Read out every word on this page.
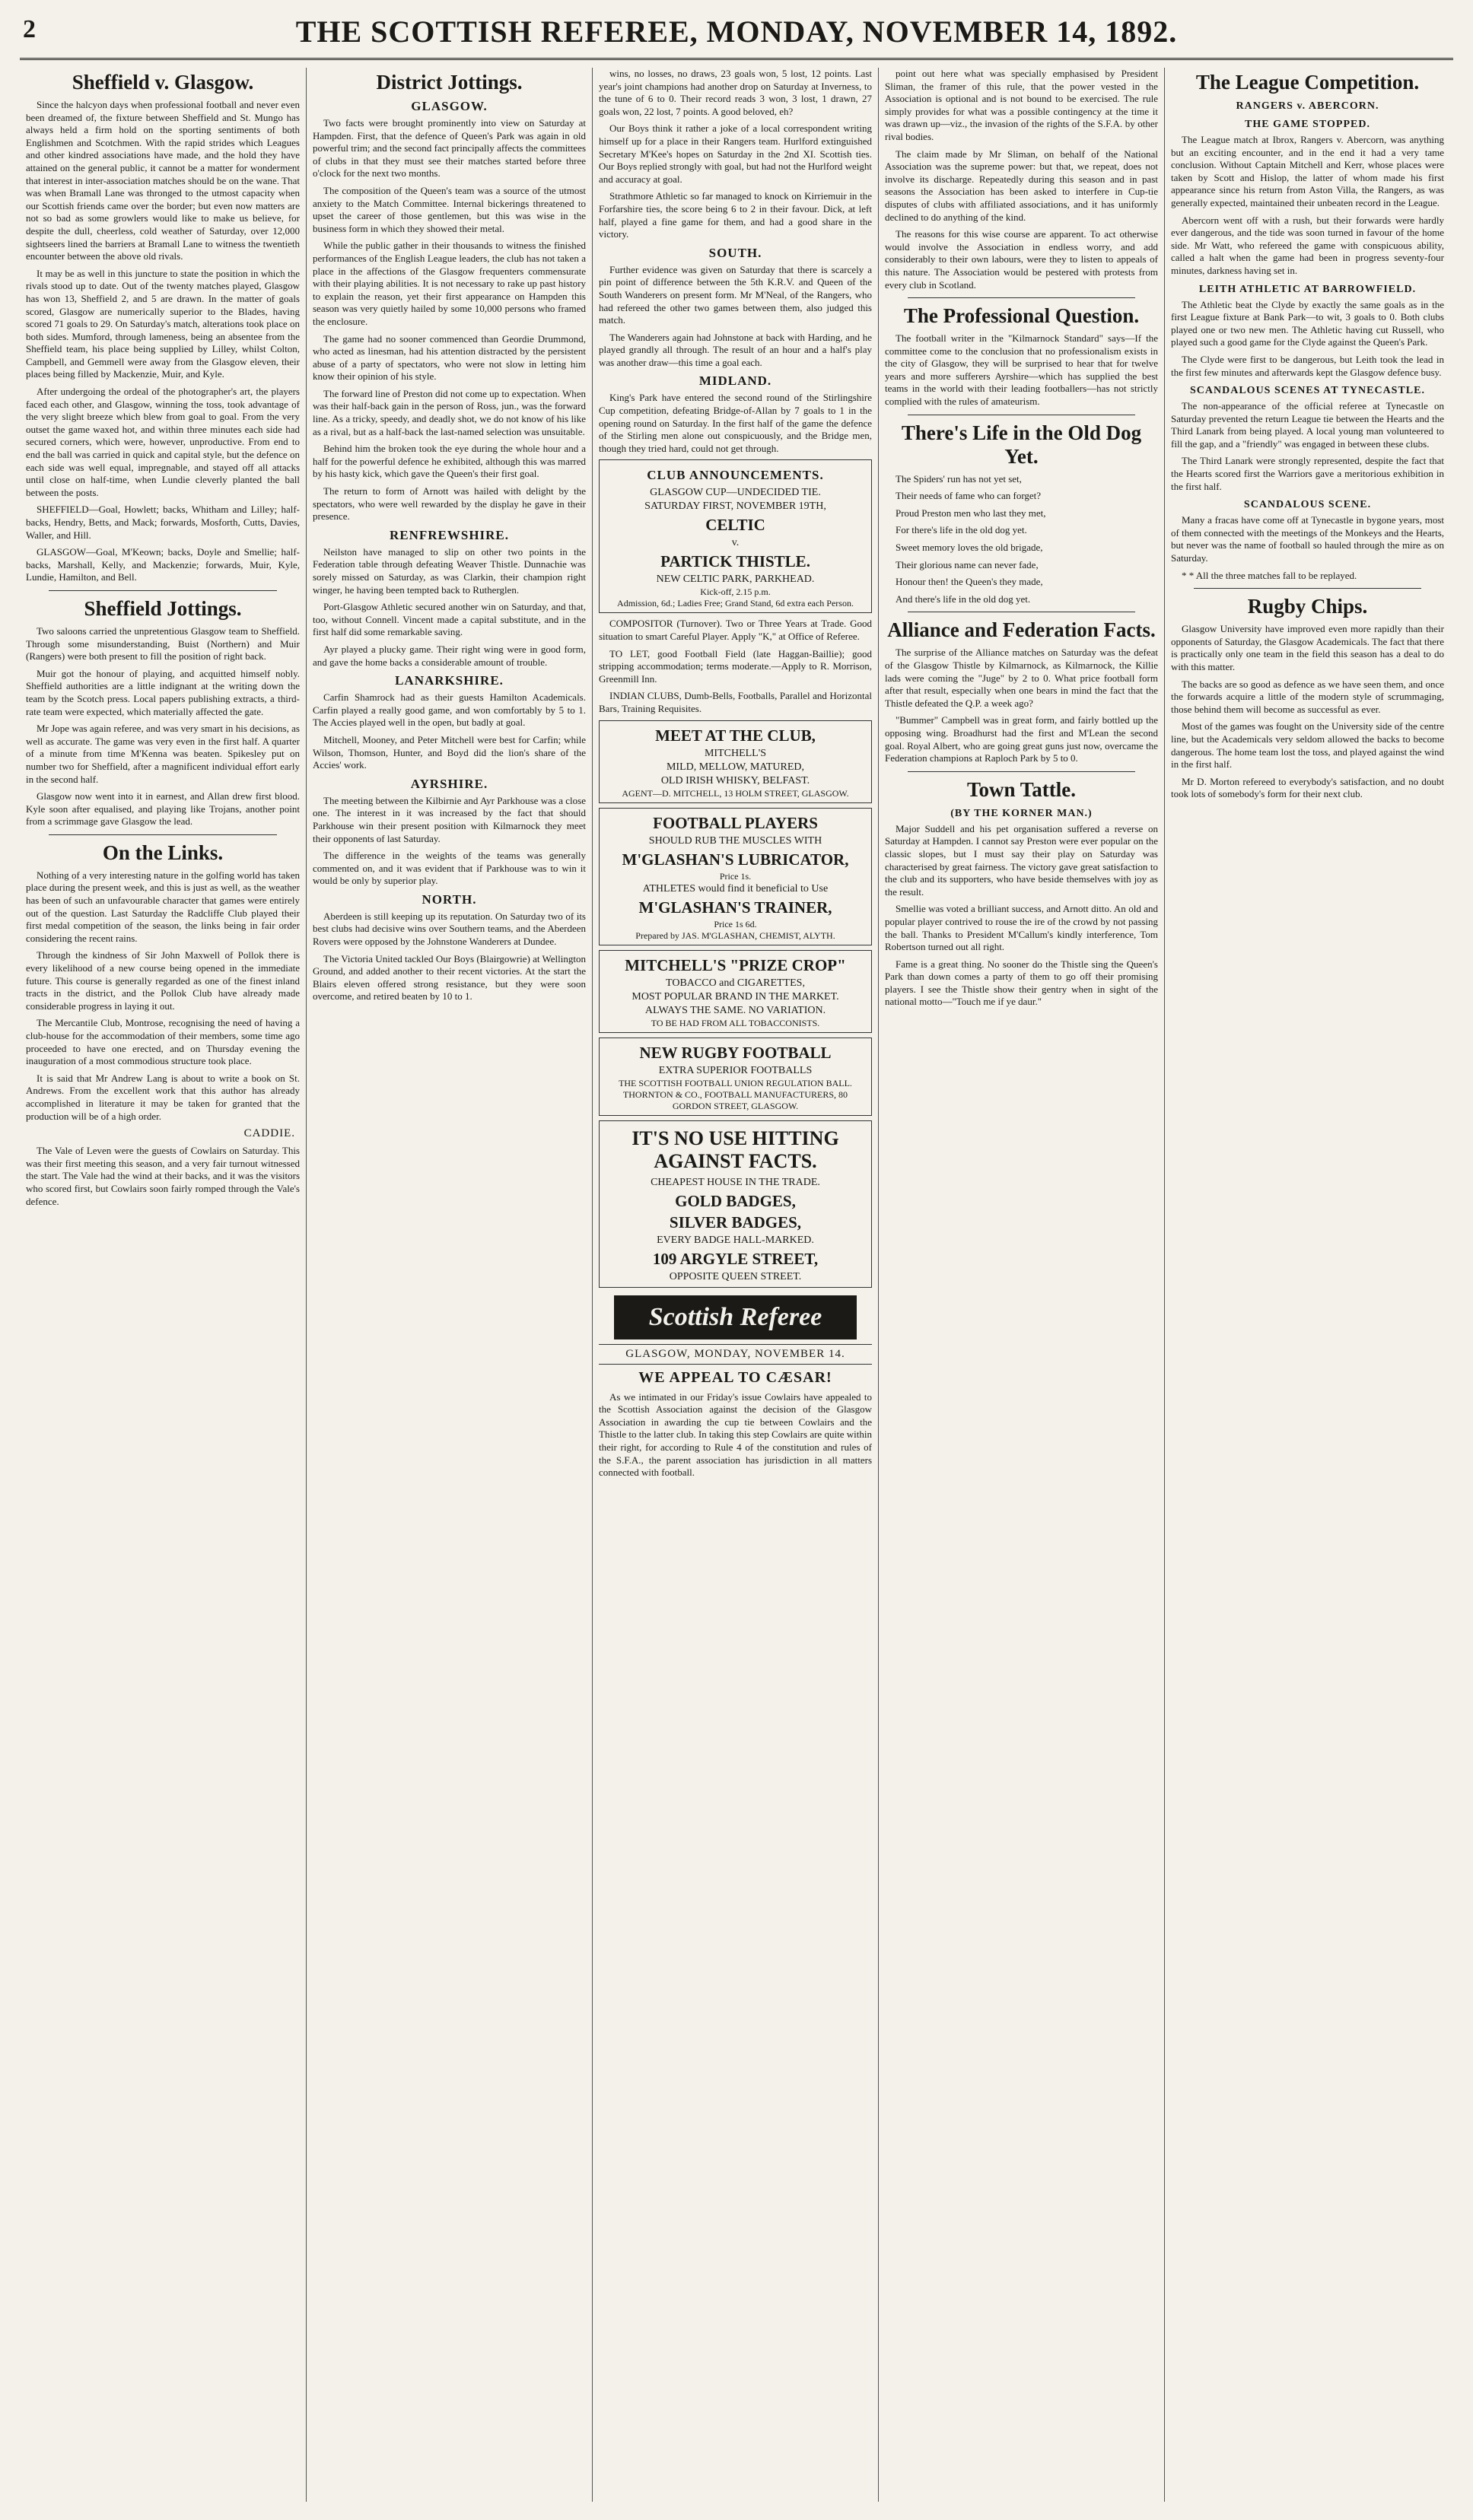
2	THE SCOTTISH REFEREE, MONDAY, NOVEMBER 14, 1892.
Sheffield v. Glasgow.

Since the halcyon days when professional football and never even been dreamed of, the fixture between Sheffield and St. Mungo has always held a firm hold on the sporting sentiments of both Englishmen and Scotchmen. With the rapid strides which Leagues and other kindred associations have made, and the hold they have attained on the general public, it cannot be a matter for wonderment that interest in inter-association matches should be on the wane. That was when Bramall Lane was thronged to the utmost capacity when our Scottish friends came over the border; but even now matters are not so bad as some growlers would like to make us believe, for despite the dull, cheerless, cold weather of Saturday, over 12,000 sightseers lined the barriers at Bramall Lane to witness the twentieth encounter between the above old rivals.

It may be as well in this juncture to state the position in which the rivals stood up to date. Out of the twenty matches played, Glasgow has won 13, Sheffield 2, and 5 are drawn. In the matter of goals scored, Glasgow are numerically superior to the Blades, having scored 71 goals to 29. On Saturday's match, alterations took place on both sides. Mumford, through lameness, being an absentee from the Sheffield team, his place being supplied by Lilley, whilst Colton, Campbell, and Gemmell were away from the Glasgow eleven, their places being filled by Mackenzie, Muir, and Kyle.

After undergoing the ordeal of the photographer's art, the players faced each other, and Glasgow, winning the toss, took advantage of the very slight breeze which blew from goal to goal. From the very outset the game waxed hot, and within three minutes each side had secured corners, which were, however, unproductive. From end to end the ball was carried in quick and capital style, but the defence on each side was well equal, impregnable, and stayed off all attacks until close on half-time, when Lundie cleverly planted the ball between the posts.

SHEFFIELD—Goal, Howlett; backs, Whitham and Lilley; half-backs, Hendry, Betts, and Mack; forwards, Mosforth, Cutts, Davies, Waller, and Hill.

GLASGOW—Goal, M'Keown; backs, Doyle and Smellie; half-backs, Marshall, Kelly, and Mackenzie; forwards, Muir, Kyle, Lundie, Hamilton, and Bell.

Sheffield Jottings.

Two saloons carried the unpretentious Glasgow team to Sheffield. Through some misunderstanding, Buist (Northern) and Muir (Rangers) were both present to fill the position of right back.

Muir got the honour of playing, and acquitted himself nobly. Sheffield authorities are a little indignant at the writing down the team by the Scotch press. Local papers publishing extracts, a third-rate team were expected, which materially affected the gate.

Mr Jope was again referee, and was very smart in his decisions, as well as accurate. The game was very even in the first half. A quarter of a minute from time M'Kenna was beaten. Spikesley put on number two for Sheffield, after a magnificent individual effort early in the second half.

Glasgow now went into it in earnest, and Allan drew first blood. Kyle soon after equalised, and playing like Trojans, another point from a scrimmage gave Glasgow the lead.

On the Links.

Nothing of a very interesting nature in the golfing world has taken place during the present week, and this is just as well, as the weather has been of such an unfavourable character that games were entirely out of the question. Last Saturday the Radcliffe Club played their first medal competition of the season, the links being in fair order considering the recent rains.

Through the kindness of Sir John Maxwell of Pollok there is every likelihood of a new course being opened in the immediate future. This course is generally regarded as one of the finest inland tracts in the district, and the Pollok Club have already made considerable progress in laying it out.

The Mercantile Club, Montrose, recognising the need of having a club-house for the accommodation of their members, some time ago proceeded to have one erected, and on Thursday evening the inauguration of a most commodious structure took place.

It is said that Mr Andrew Lang is about to write a book on St. Andrews. From the excellent work that this author has already accomplished in literature it may be taken for granted that the production will be of a high order.

CADDIE.

The Vale of Leven were the guests of Cowlairs on Saturday. This was their first meeting this season, and a very fair turnout witnessed the start. The Vale had the wind at their backs, and it was the visitors who scored first, but Cowlairs soon fairly romped through the Vale's defence.

District Jottings.
GLASGOW.

Two facts were brought prominently into view on Saturday at Hampden. First, that the defence of Queen's Park was again in old powerful trim; and the second fact principally affects the committees of clubs in that they must see their matches started before three o'clock for the next two months.

The composition of the Queen's team was a source of the utmost anxiety to the Match Committee. Internal bickerings threatened to upset the career of those gentlemen, but this was wise in the business form in which they showed their metal.

While the public gather in their thousands to witness the finished performances of the English League leaders, the club has not taken a place in the affections of the Glasgow frequenters commensurate with their playing abilities. It is not necessary to rake up past history to explain the reason, yet their first appearance on Hampden this season was very quietly hailed by some 10,000 persons who framed the enclosure.

The game had no sooner commenced than Geordie Drummond, who acted as linesman, had his attention distracted by the persistent abuse of a party of spectators, who were not slow in letting him know their opinion of his style.

The forward line of Preston did not come up to expectation. When was their half-back gain in the person of Ross, jun., was the forward line. As a tricky, speedy, and deadly shot, we do not know of his like as a rival, but as a half-back the last-named selection was unsuitable.

Behind him the broken took the eye during the whole hour and a half for the powerful defence he exhibited, although this was marred by his hasty kick, which gave the Queen's their first goal.

The return to form of Arnott was hailed with delight by the spectators, who were well rewarded by the display he gave in their presence.

RENFREWSHIRE.

Neilston have managed to slip on other two points in the Federation table through defeating Weaver Thistle. Dunnachie was sorely missed on Saturday, as was Clarkin, their champion right winger, he having been tempted back to Rutherglen.

Port-Glasgow Athletic secured another win on Saturday, and that, too, without Connell. Vincent made a capital substitute, and in the first half did some remarkable saving.

Ayr played a plucky game. Their right wing were in good form, and gave the home backs a considerable amount of trouble.

LANARKSHIRE.

Carfin Shamrock had as their guests Hamilton Academicals. Carfin played a really good game, and won comfortably by 5 to 1. The Accies played well in the open, but badly at goal.

Mitchell, Mooney, and Peter Mitchell were best for Carfin; while Wilson, Thomson, Hunter, and Boyd did the lion's share of the Accies' work.

AYRSHIRE.

The meeting between the Kilbirnie and Ayr Parkhouse was a close one. The interest in it was increased by the fact that should Parkhouse win their present position with Kilmarnock they meet their opponents of last Saturday.

The difference in the weights of the teams was generally commented on, and it was evident that if Parkhouse was to win it would be only by superior play.

NORTH.

Aberdeen is still keeping up its reputation. On Saturday two of its best clubs had decisive wins over Southern teams, and the Aberdeen Rovers were opposed by the Johnstone Wanderers at Dundee.

The Victoria United tackled Our Boys (Blairgowrie) at Wellington Ground, and added another to their recent victories. At the start the Blairs eleven offered strong resistance, but they were soon overcome, and retired beaten by 10 to 1.

wins, no losses, no draws, 23 goals won, 5 lost, 12 points. Last year's joint champions had another drop on Saturday at Inverness, to the tune of 6 to 0. Their record reads 3 won, 3 lost, 1 drawn, 27 goals won, 22 lost, 7 points. A good beloved, eh?

Our Boys think it rather a joke of a local correspondent writing himself up for a place in their Rangers team. Hurlford extinguished Secretary M'Kee's hopes on Saturday in the 2nd XI. Scottish ties. Our Boys replied strongly with goal, but had not the Hurlford weight and accuracy at goal.

Strathmore Athletic so far managed to knock on Kirriemuir in the Forfarshire ties, the score being 6 to 2 in their favour. Dick, at left half, played a fine game for them, and had a good share in the victory.

SOUTH.

Further evidence was given on Saturday that there is scarcely a pin point of difference between the 5th K.R.V. and Queen of the South Wanderers on present form. Mr M'Neal, of the Rangers, who had refereed the other two games between them, also judged this match.

The Wanderers again had Johnstone at back with Harding, and he played grandly all through. The result of an hour and a half's play was another draw—this time a goal each.

MIDLAND.

King's Park have entered the second round of the Stirlingshire Cup competition, defeating Bridge-of-Allan by 7 goals to 1 in the opening round on Saturday. In the first half of the game the defence of the Stirling men alone out conspicuously, and the Bridge men, though they tried hard, could not get through.

CLUB ANNOUNCEMENTS.
GLASGOW CUP—UNDECIDED TIE.
SATURDAY FIRST, NOVEMBER 19TH,
CELTIC
v.
PARTICK THISTLE.
NEW CELTIC PARK, PARKHEAD.
Kick-off, 2.15 p.m.
Admission, 6d.; Ladies Free; Grand Stand, 6d extra each Person.

COMPOSITOR (Turnover). Two or Three Years at Trade. Good situation to smart Careful Player. Apply "K," at Office of Referee.

TO LET, good Football Field (late Haggan-Baillie); good stripping accommodation; terms moderate.—Apply to R. Morrison, Greenmill Inn.

INDIAN CLUBS, Dumb-Bells, Footballs, Parallel and Horizontal Bars, Training Requisites.

MEET AT THE CLUB,
MITCHELL'S
MILD, MELLOW, MATURED,
OLD IRISH WHISKY, BELFAST.
AGENT—D. MITCHELL, 13 HOLM STREET, GLASGOW.
FOOTBALL PLAYERS
SHOULD RUB THE MUSCLES WITH
M'GLASHAN'S LUBRICATOR,
Price 1s.
ATHLETES would find it beneficial to Use
M'GLASHAN'S TRAINER,
Price 1s 6d.
Prepared by JAS. M'GLASHAN, CHEMIST, ALYTH.
MITCHELL'S "PRIZE CROP"
TOBACCO and CIGARETTES,
MOST POPULAR BRAND IN THE MARKET.
ALWAYS THE SAME. NO VARIATION.
TO BE HAD FROM ALL TOBACCONISTS.
NEW RUGBY FOOTBALL
EXTRA SUPERIOR FOOTBALLS
THE SCOTTISH FOOTBALL UNION REGULATION BALL.
THORNTON & CO., FOOTBALL MANUFACTURERS, 80 GORDON STREET, GLASGOW.
IT'S NO USE HITTING AGAINST FACTS.
CHEAPEST HOUSE IN THE TRADE.
GOLD BADGES,
SILVER BADGES,
EVERY BADGE HALL-MARKED.
109 ARGYLE STREET,
OPPOSITE QUEEN STREET.
Scottish Referee
GLASGOW, MONDAY, NOVEMBER 14.
WE APPEAL TO CÆSAR!

As we intimated in our Friday's issue Cowlairs have appealed to the Scottish Association against the decision of the Glasgow Association in awarding the cup tie between Cowlairs and the Thistle to the latter club. In taking this step Cowlairs are quite within their right, for according to Rule 4 of the constitution and rules of the S.F.A., the parent association has jurisdiction in all matters connected with football.

point out here what was specially emphasised by President Sliman, the framer of this rule, that the power vested in the Association is optional and is not bound to be exercised. The rule simply provides for what was a possible contingency at the time it was drawn up—viz., the invasion of the rights of the S.F.A. by other rival bodies.

The claim made by Mr Sliman, on behalf of the National Association was the supreme power: but that, we repeat, does not involve its discharge. Repeatedly during this season and in past seasons the Association has been asked to interfere in Cup-tie disputes of clubs with affiliated associations, and it has uniformly declined to do anything of the kind.

The reasons for this wise course are apparent. To act otherwise would involve the Association in endless worry, and add considerably to their own labours, were they to listen to appeals of this nature. The Association would be pestered with protests from every club in Scotland.

The Professional Question.

The football writer in the "Kilmarnock Standard" says—If the committee come to the conclusion that no professionalism exists in the city of Glasgow, they will be surprised to hear that for twelve years and more sufferers Ayrshire—which has supplied the best teams in the world with their leading footballers—has not strictly complied with the rules of amateurism.

There's Life in the Old Dog Yet.

The Spiders' run has not yet set,

Their needs of fame who can forget?

Proud Preston men who last they met,

For there's life in the old dog yet.

Sweet memory loves the old brigade,

Their glorious name can never fade,

Honour then! the Queen's they made,

And there's life in the old dog yet.

Alliance and Federation Facts.

The surprise of the Alliance matches on Saturday was the defeat of the Glasgow Thistle by Kilmarnock, as Kilmarnock, the Killie lads were coming the "Juge" by 2 to 0. What price football form after that result, especially when one bears in mind the fact that the Thistle defeated the Q.P. a week ago?

"Bummer" Campbell was in great form, and fairly bottled up the opposing wing. Broadhurst had the first and M'Lean the second goal. Royal Albert, who are going great guns just now, overcame the Federation champions at Raploch Park by 5 to 0.

Town Tattle.
(BY THE KORNER MAN.)

Major Suddell and his pet organisation suffered a reverse on Saturday at Hampden. I cannot say Preston were ever popular on the classic slopes, but I must say their play on Saturday was characterised by great fairness. The victory gave great satisfaction to the club and its supporters, who have beside themselves with joy as the result.

Smellie was voted a brilliant success, and Arnott ditto. An old and popular player contrived to rouse the ire of the crowd by not passing the ball. Thanks to President M'Callum's kindly interference, Tom Robertson turned out all right.

Fame is a great thing. No sooner do the Thistle sing the Queen's Park than down comes a party of them to go off their promising players. I see the Thistle show their gentry when in sight of the national motto—"Touch me if ye daur."

The League Competition.
RANGERS v. ABERCORN.
THE GAME STOPPED.

The League match at Ibrox, Rangers v. Abercorn, was anything but an exciting encounter, and in the end it had a very tame conclusion. Without Captain Mitchell and Kerr, whose places were taken by Scott and Hislop, the latter of whom made his first appearance since his return from Aston Villa, the Rangers, as was generally expected, maintained their unbeaten record in the League.

Abercorn went off with a rush, but their forwards were hardly ever dangerous, and the tide was soon turned in favour of the home side. Mr Watt, who refereed the game with conspicuous ability, called a halt when the game had been in progress seventy-four minutes, darkness having set in.

LEITH ATHLETIC AT BARROWFIELD.

The Athletic beat the Clyde by exactly the same goals as in the first League fixture at Bank Park—to wit, 3 goals to 0. Both clubs played one or two new men. The Athletic having cut Russell, who played such a good game for the Clyde against the Queen's Park.

The Clyde were first to be dangerous, but Leith took the lead in the first few minutes and afterwards kept the Glasgow defence busy.

SCANDALOUS SCENES AT TYNECASTLE.

The non-appearance of the official referee at Tynecastle on Saturday prevented the return League tie between the Hearts and the Third Lanark from being played. A local young man volunteered to fill the gap, and a "friendly" was engaged in between these clubs.

The Third Lanark were strongly represented, despite the fact that the Hearts scored first the Warriors gave a meritorious exhibition in the first half.

SCANDALOUS SCENE.

Many a fracas have come off at Tynecastle in bygone years, most of them connected with the meetings of the Monkeys and the Hearts, but never was the name of football so hauled through the mire as on Saturday.

* * All the three matches fall to be replayed.

Rugby Chips.

Glasgow University have improved even more rapidly than their opponents of Saturday, the Glasgow Academicals. The fact that there is practically only one team in the field this season has a deal to do with this matter.

The backs are so good as defence as we have seen them, and once the forwards acquire a little of the modern style of scrummaging, those behind them will become as successful as ever.

Most of the games was fought on the University side of the centre line, but the Academicals very seldom allowed the backs to become dangerous. The home team lost the toss, and played against the wind in the first half.

Mr D. Morton refereed to everybody's satisfaction, and no doubt took lots of somebody's form for their next club.
